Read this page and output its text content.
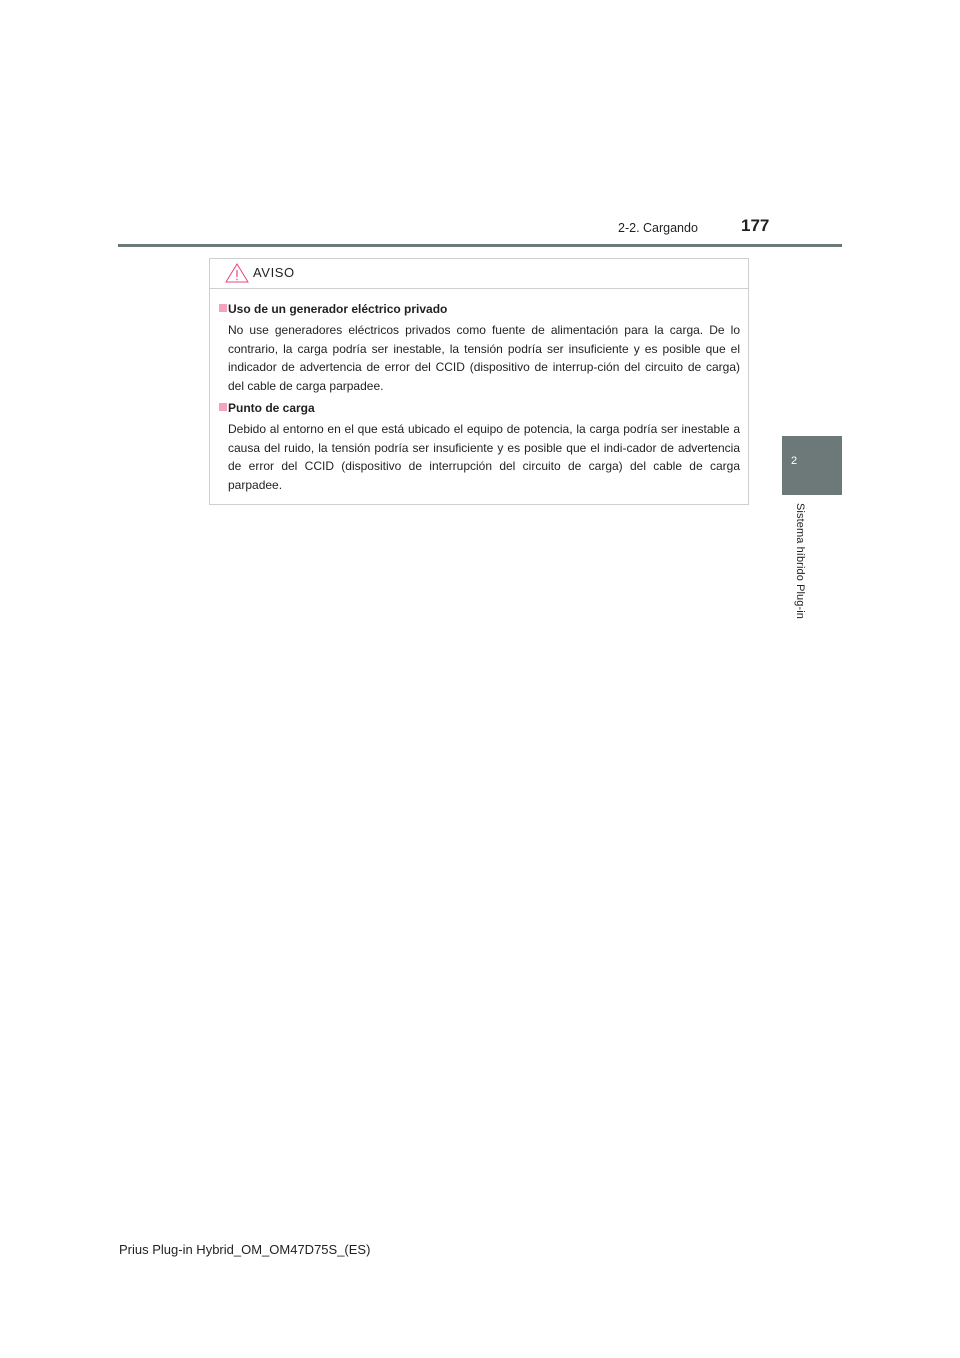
2-2. Cargando	177
2
Sistema híbrido Plug-in
AVISO
Uso de un generador eléctrico privado
No use generadores eléctricos privados como fuente de alimentación para la carga. De lo contrario, la carga podría ser inestable, la tensión podría ser insuficiente y es posible que el indicador de advertencia de error del CCID (dispositivo de interrup-ción del circuito de carga) del cable de carga parpadee.
Punto de carga
Debido al entorno en el que está ubicado el equipo de potencia, la carga podría ser inestable a causa del ruido, la tensión podría ser insuficiente y es posible que el indi-cador de advertencia de error del CCID (dispositivo de interrupción del circuito de carga) del cable de carga parpadee.
Prius Plug-in Hybrid_OM_OM47D75S_(ES)
